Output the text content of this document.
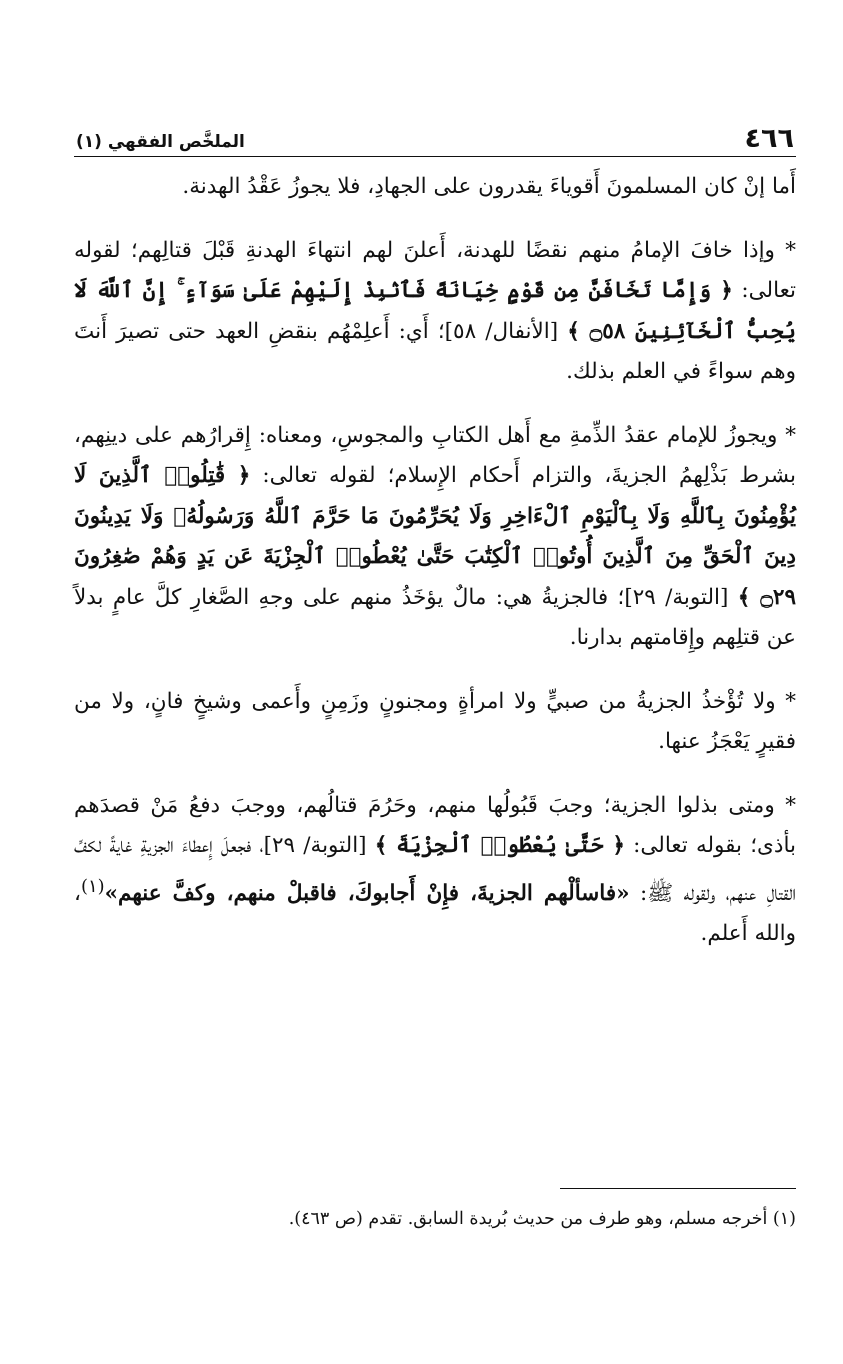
٤٦٦
الملخَّص الفقهي (١)

أَما إنْ كان المسلمونَ أَقوياءَ يقدرون على الجهادِ، فلا يجوزُ عَقْدُ الهدنة.

* وإذا خافَ الإمامُ منهم نقضًا للهدنة، أَعلنَ لهم انتهاءَ الهدنةِ قَبْلَ قتالِهم؛ لقوله تعالى: ﴿ وَإِمَّا تَخَافَنَّ مِن قَوْمٍ خِيَانَةً فَٱنۢبِذْ إِلَيْهِمْ عَلَىٰ سَوَآءٍ ۚ إِنَّ ٱللَّهَ لَا يُحِبُّ ٱلْخَآئِنِينَ ۝٥٨ ﴾ [الأنفال/ ٥٨]؛ أَي: أَعلِمْهُم بنقضِ العهد حتى تصيرَ أَنتَ وهم سواءً في العلم بذلك.

* ويجوزُ للإمام عقدُ الذِّمةِ مع أَهل الكتابِ والمجوسِ، ومعناه: إِقرارُهم على دينِهم، بشرط بَذْلِهمُ الجزيةَ، والتزام أَحكام الإِسلام؛ لقوله تعالى: ﴿ قَٰتِلُوا۟ ٱلَّذِينَ لَا يُؤْمِنُونَ بِٱللَّهِ وَلَا بِٱلْيَوْمِ ٱلْءَاخِرِ وَلَا يُحَرِّمُونَ مَا حَرَّمَ ٱللَّهُ وَرَسُولُهُۥ وَلَا يَدِينُونَ دِينَ ٱلْحَقِّ مِنَ ٱلَّذِينَ أُوتُوا۟ ٱلْكِتَٰبَ حَتَّىٰ يُعْطُوا۟ ٱلْجِزْيَةَ عَن يَدٍ وَهُمْ صَٰغِرُونَ ۝٢٩ ﴾ [التوبة/ ٢٩]؛ فالجزيةُ هي: مالٌ يؤخَذُ منهم على وجهِ الصَّغارِ كلَّ عامٍ بدلاً عن قتلِهم وإِقامتهم بدارنا.

* ولا تُؤْخذُ الجزيةُ من صبيٍّ ولا امرأةٍ ومجنونٍ وزَمِنٍ وأَعمى وشيخٍ فانٍ، ولا من فقيرٍ يَعْجَزُ عنها.

* ومتى بذلوا الجزية؛ وجبَ قَبُولُها منهم، وحَرُمَ قتالُهم، ووجبَ دفعُ مَنْ قصدَهم بأذى؛ بقوله تعالى: ﴿ حَتَّىٰ يُعْطُوا۟ ٱلْجِزْيَةَ ﴾ [التوبة/ ٢٩]، فجعلَ إِعطاءَ الجزيةِ غايةً لكفِّ القتالِ عنهم، ولقوله ﷺ: «فاسألْهم الجزيةَ، فإِنْ أَجابوكَ، فاقبلْ منهم، وكفَّ عنهم»$^{(١)}$، والله أَعلم.

(١) أخرجه مسلم، وهو طرف من حديث بُريدة السابق. تقدم (ص ٤٦٣).
